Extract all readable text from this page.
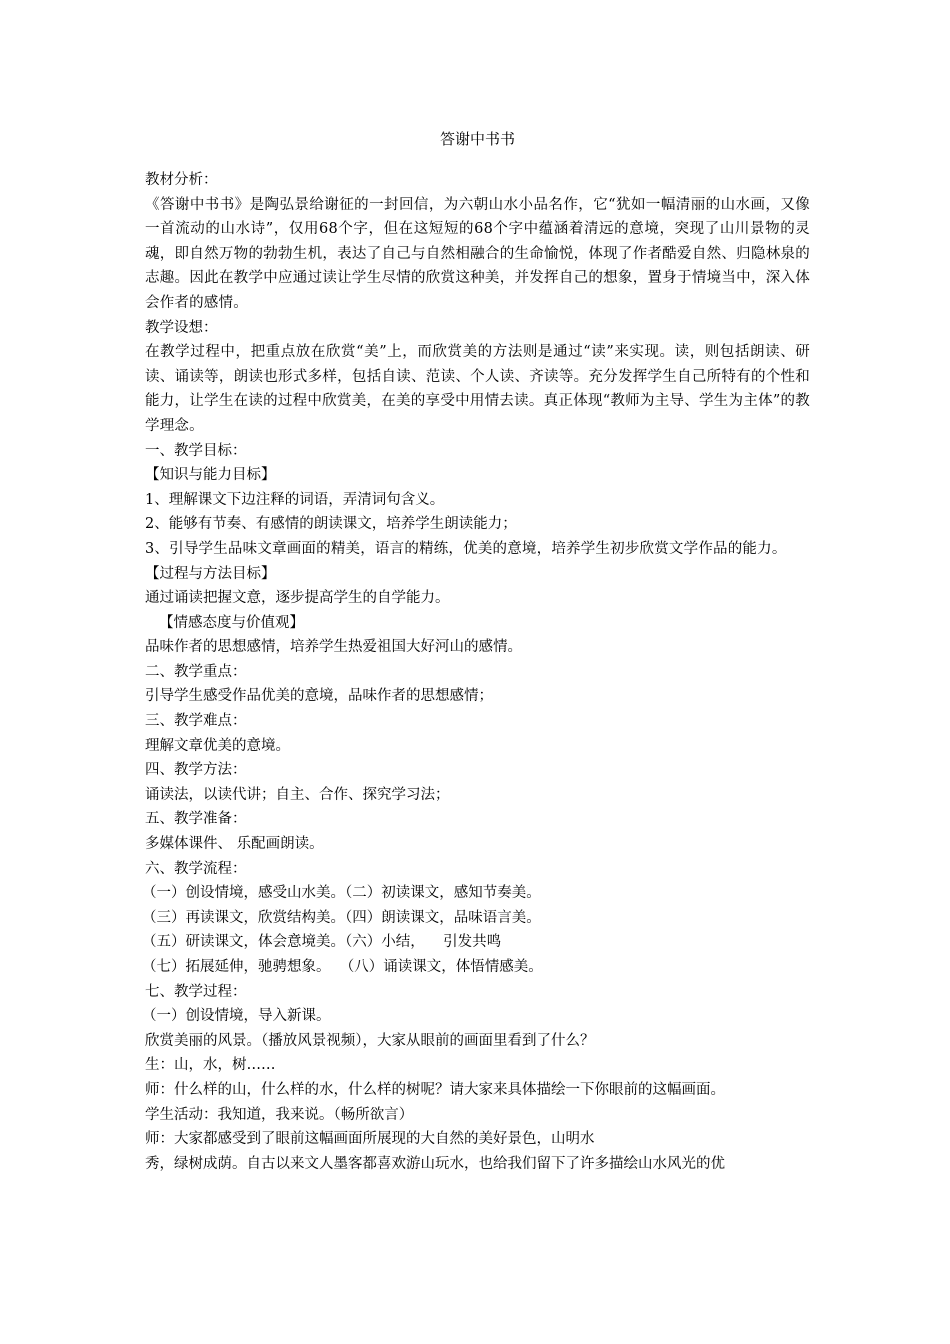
答谢中书书
教材分析：
《答谢中书书》是陶弘景给谢征的一封回信，为六朝山水小品名作，它“犹如一幅清丽的山水画，又像一首流动的山水诗”，仅用68个字，但在这短短的68个字中蕴涵着清远的意境，突现了山川景物的灵魂，即自然万物的勃勃生机，表达了自己与自然相融合的生命愉悦，体现了作者酷爱自然、归隐林泉的志趣。因此在教学中应通过读让学生尽情的欣赏这种美，并发挥自己的想象，置身于情境当中，深入体会作者的感情。
教学设想：
在教学过程中，把重点放在欣赏“美”上，而欣赏美的方法则是通过“读”来实现。读，则包括朗读、研读、诵读等，朗读也形式多样，包括自读、范读、个人读、齐读等。充分发挥学生自己所特有的个性和能力，让学生在读的过程中欣赏美，在美的享受中用情去读。真正体现“教师为主导、学生为主体”的教学理念。
一、教学目标：
【知识与能力目标】
1、理解课文下边注释的词语，弄清词句含义。
2、能够有节奏、有感情的朗读课文，培养学生朗读能力；
3、引导学生品味文章画面的精美，语言的精练，优美的意境，培养学生初步欣赏文学作品的能力。
【过程与方法目标】
通过诵读把握文意，逐步提高学生的自学能力。
【情感态度与价值观】
品味作者的思想感情，培养学生热爱祖国大好河山的感情。
二、教学重点：
引导学生感受作品优美的意境，品味作者的思想感情；
三、教学难点：
理解文章优美的意境。
四、教学方法：
诵读法，以读代讲；自主、合作、探究学习法；
五、教学准备：
多媒体课件、 乐配画朗读。
六、教学流程：
（一）创设情境，感受山水美。（二）初读课文，感知节奏美。
（三）再读课文，欣赏结构美。（四）朗读课文，品味语言美。
（五）研读课文，体会意境美。（六）小结，    引发共鸣
（七）拓展延伸，驰骋想象。  （八）诵读课文，体悟情感美。
七、教学过程：
（一）创设情境，导入新课。
欣赏美丽的风景。（播放风景视频），大家从眼前的画面里看到了什么？
生：山，水，树……
师：什么样的山，什么样的水，什么样的树呢？请大家来具体描绘一下你眼前的这幅画面。
学生活动：我知道，我来说。（畅所欲言）
师：大家都感受到了眼前这幅画面所展现的大自然的美好景色，山明水
秀，绿树成荫。自古以来文人墨客都喜欢游山玩水，也给我们留下了许多描绘山水风光的优
